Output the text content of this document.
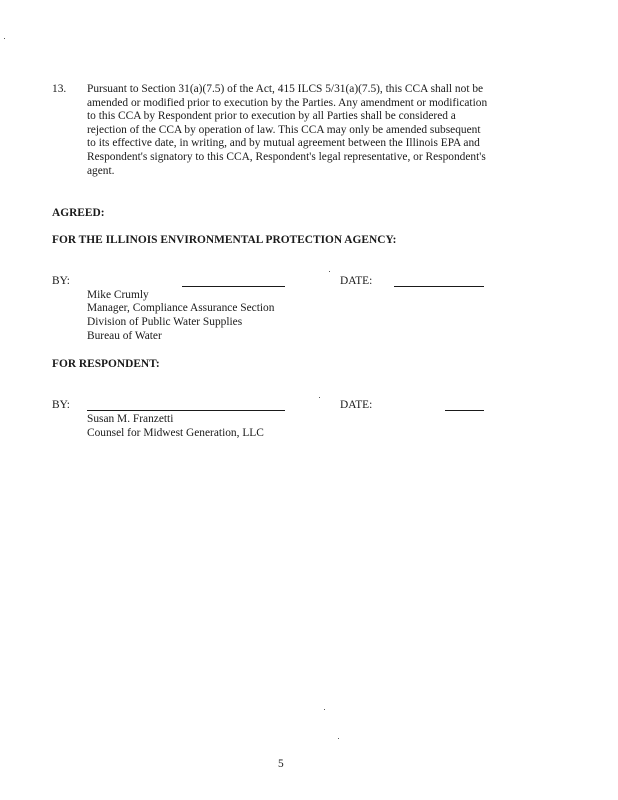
13. Pursuant to Section 31(a)(7.5) of the Act, 415 ILCS 5/31(a)(7.5), this CCA shall not be
amended or modified prior to execution by the Parties. Any amendment or modification
to this CCA by Respondent prior to execution by all Parties shall be considered a
rejection of the CCA by operation of law. This CCA may only be amended subsequent
to its effective date, in writing, and by mutual agreement between the Illinois EPA and
Respondent's signatory to this CCA, Respondent's legal representative, or Respondent's
agent.
AGREED:
FOR THE ILLINOIS ENVIRONMENTAL PROTECTION AGENCY:
BY:	DATE:
Mike Crumly
Manager, Compliance Assurance Section
Division of Public Water Supplies
Bureau of Water
FOR RESPONDENT:
BY:	DATE:
Susan M. Franzetti
Counsel for Midwest Generation, LLC
5
